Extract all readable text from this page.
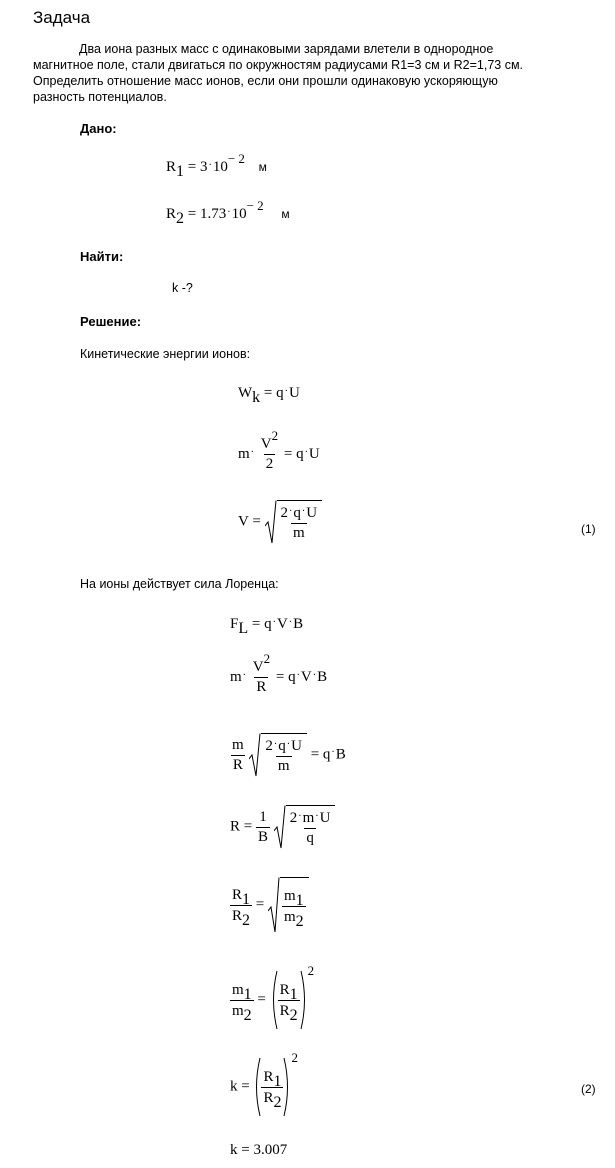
Задача
Два иона разных масс с одинаковыми зарядами влетели в однородное
магнитное поле, стали двигаться по окружностям радиусами R1=3 см и R2=1,73 см.
Определить отношение масс ионов, если они прошли одинаковую ускоряющую
разность потенциалов.
Дано:
R1 = 3·10− 2 м
R2 = 1.73·10− 2 м
Найти:
k -?
Решение:
Кинетические энергии ионов:
Wk = q·U
$m^\cdot \frac{V2}{2} = q^\cdot U$
$V = \frac{2^\cdot q^\cdot U}{m}$	(1)
На ионы действует сила Лоренца:
FL = q·V·B
$m^\cdot \frac{V2}{R} = q^\cdot V^\cdot B$
$\frac{m}{R}$
$\frac{2^\cdot q^\cdot U}{m} = q^\cdot B$
$R = \frac{1}{B}$
$\frac{2^\cdot m^\cdot U}{q}$
$\frac{R1}{R2} = \frac{m1}{m2}$
$\frac{m1}{m2} = \frac{R1}{R2}$
2
$k = \frac{R1}{R2}$
2
(2)
k = 3.007
